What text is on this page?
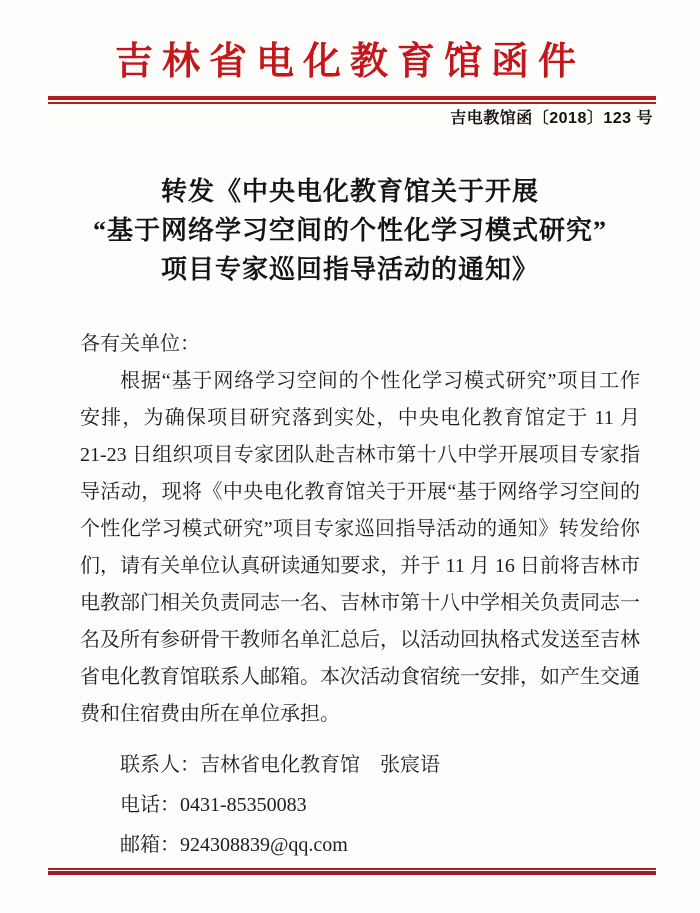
吉林省电化教育馆函件
吉电教馆函〔2018〕123 号
转发《中央电化教育馆关于开展
“基于网络学习空间的个性化学习模式研究”
项目专家巡回指导活动的通知》
各有关单位：
根据“基于网络学习空间的个性化学习模式研究”项目工作
安排，为确保项目研究落到实处，中央电化教育馆定于 11 月
21-23 日组织项目专家团队赴吉林市第十八中学开展项目专家指
导活动，现将《中央电化教育馆关于开展“基于网络学习空间的
个性化学习模式研究”项目专家巡回指导活动的通知》转发给你
们，请有关单位认真研读通知要求，并于 11 月 16 日前将吉林市
电教部门相关负责同志一名、吉林市第十八中学相关负责同志一
名及所有参研骨干教师名单汇总后，以活动回执格式发送至吉林
省电化教育馆联系人邮箱。本次活动食宿统一安排，如产生交通
费和住宿费由所在单位承担。
联系人：吉林省电化教育馆　张宸语
电话：0431-85350083
邮箱：924308839@qq.com
